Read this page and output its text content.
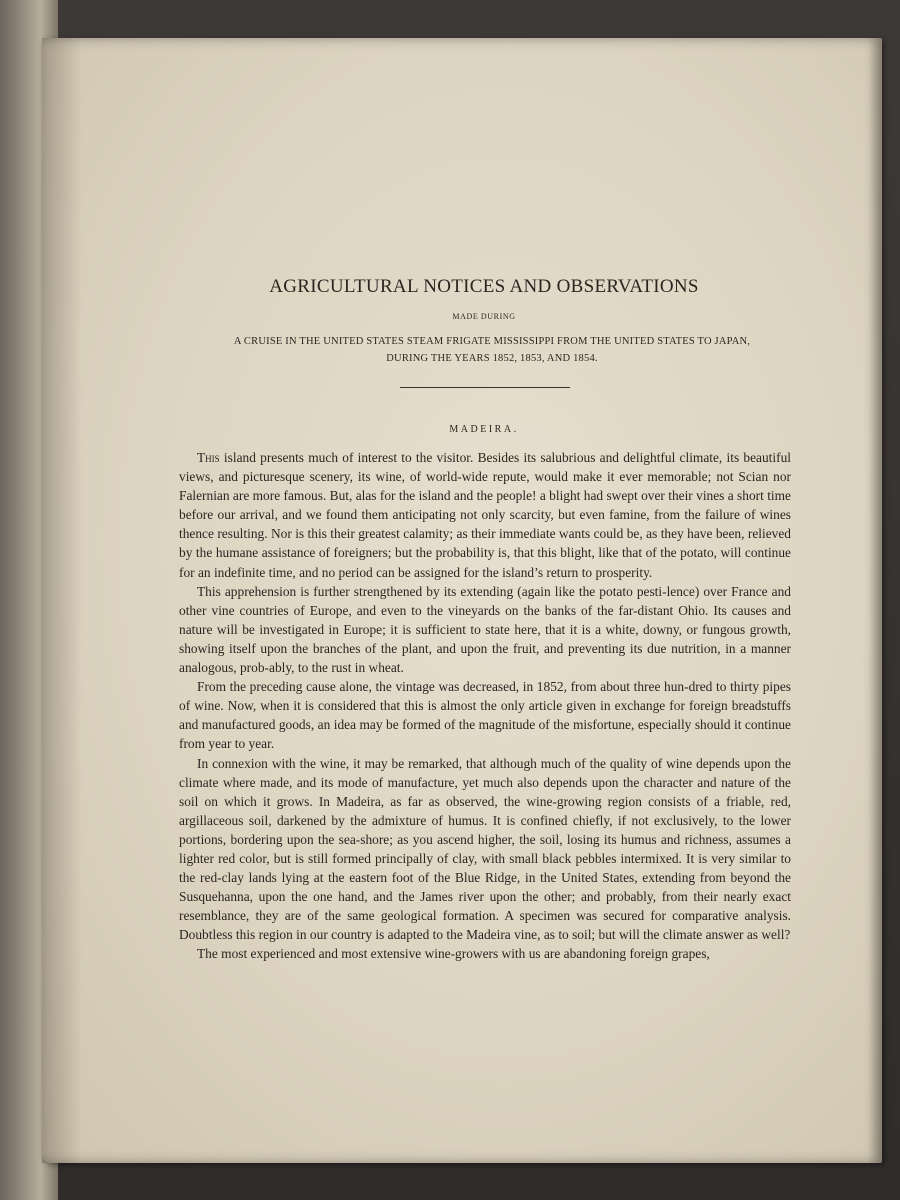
AGRICULTURAL NOTICES AND OBSERVATIONS
MADE DURING
A CRUISE IN THE UNITED STATES STEAM FRIGATE MISSISSIPPI FROM THE UNITED STATES TO JAPAN,
DURING THE YEARS 1852, 1853, AND 1854.
MADEIRA.

This island presents much of interest to the visitor. Besides its salubrious and delightful climate, its beautiful views, and picturesque scenery, its wine, of world-wide repute, would make it ever memorable; not Scian nor Falernian are more famous. But, alas for the island and the people! a blight had swept over their vines a short time before our arrival, and we found them anticipating not only scarcity, but even famine, from the failure of wines thence resulting. Nor is this their greatest calamity; as their immediate wants could be, as they have been, relieved by the humane assistance of foreigners; but the probability is, that this blight, like that of the potato, will continue for an indefinite time, and no period can be assigned for the island’s return to prosperity.

This apprehension is further strengthened by its extending (again like the potato pesti-lence) over France and other vine countries of Europe, and even to the vineyards on the banks of the far-distant Ohio. Its causes and nature will be investigated in Europe; it is sufficient to state here, that it is a white, downy, or fungous growth, showing itself upon the branches of the plant, and upon the fruit, and preventing its due nutrition, in a manner analogous, prob-ably, to the rust in wheat.

From the preceding cause alone, the vintage was decreased, in 1852, from about three hun-dred to thirty pipes of wine. Now, when it is considered that this is almost the only article given in exchange for foreign breadstuffs and manufactured goods, an idea may be formed of the magnitude of the misfortune, especially should it continue from year to year.

In connexion with the wine, it may be remarked, that although much of the quality of wine depends upon the climate where made, and its mode of manufacture, yet much also depends upon the character and nature of the soil on which it grows. In Madeira, as far as observed, the wine-growing region consists of a friable, red, argillaceous soil, darkened by the admixture of humus. It is confined chiefly, if not exclusively, to the lower portions, bordering upon the sea-shore; as you ascend higher, the soil, losing its humus and richness, assumes a lighter red color, but is still formed principally of clay, with small black pebbles intermixed. It is very similar to the red-clay lands lying at the eastern foot of the Blue Ridge, in the United States, extending from beyond the Susquehanna, upon the one hand, and the James river upon the other; and probably, from their nearly exact resemblance, they are of the same geological formation. A specimen was secured for comparative analysis. Doubtless this region in our country is adapted to the Madeira vine, as to soil; but will the climate answer as well?

The most experienced and most extensive wine-growers with us are abandoning foreign grapes,
